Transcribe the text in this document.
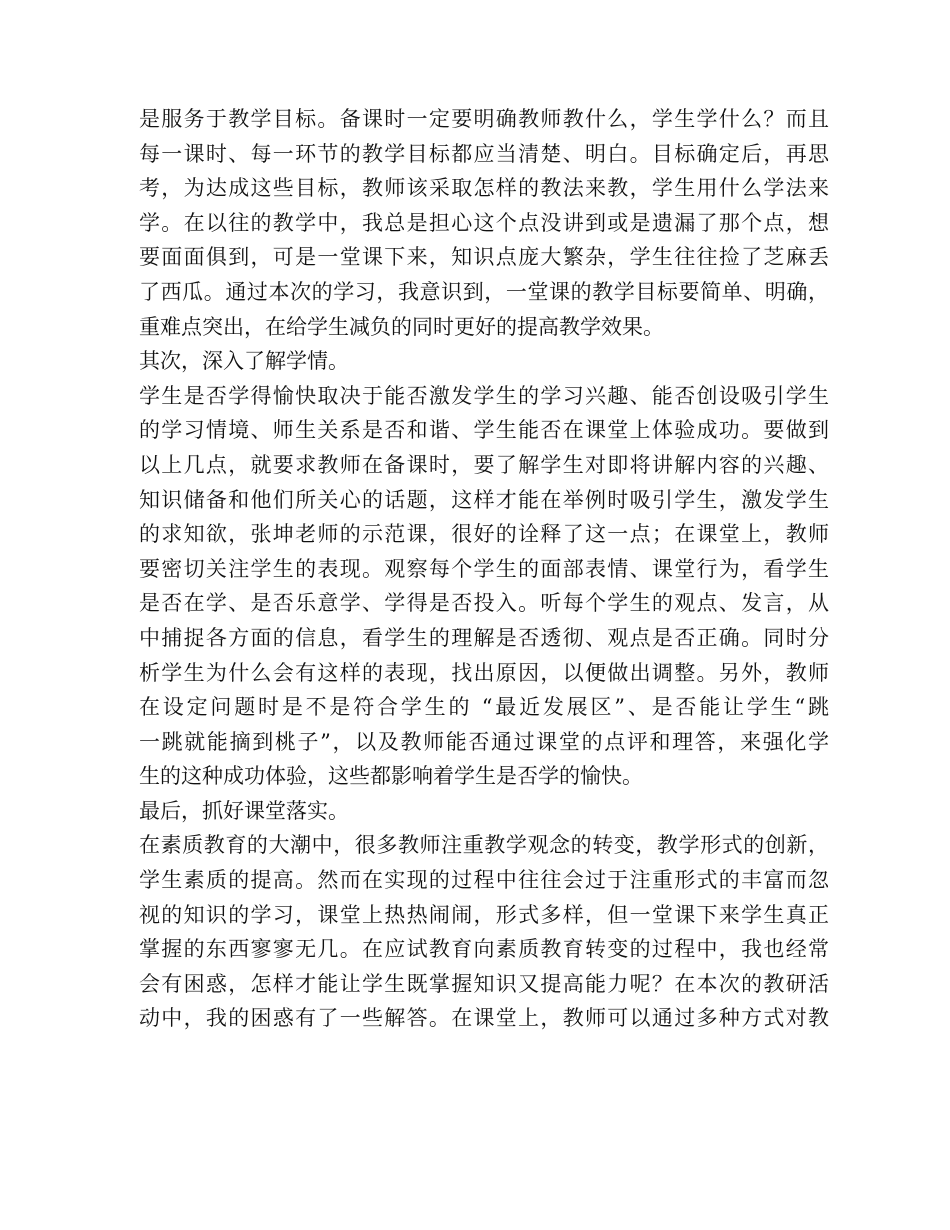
是服务于教学目标。备课时一定要明确教师教什么，学生学什么？而且
每一课时、每一环节的教学目标都应当清楚、明白。目标确定后，再思
考，为达成这些目标，教师该采取怎样的教法来教，学生用什么学法来
学。在以往的教学中，我总是担心这个点没讲到或是遗漏了那个点，想
要面面俱到，可是一堂课下来，知识点庞大繁杂，学生往往捡了芝麻丢
了西瓜。通过本次的学习，我意识到，一堂课的教学目标要简单、明确，
重难点突出，在给学生减负的同时更好的提高教学效果。
其次，深入了解学情。
学生是否学得愉快取决于能否激发学生的学习兴趣、能否创设吸引学生
的学习情境、师生关系是否和谐、学生能否在课堂上体验成功。要做到
以上几点，就要求教师在备课时，要了解学生对即将讲解内容的兴趣、
知识储备和他们所关心的话题，这样才能在举例时吸引学生，激发学生
的求知欲，张坤老师的示范课，很好的诠释了这一点；在课堂上，教师
要密切关注学生的表现。观察每个学生的面部表情、课堂行为，看学生
是否在学、是否乐意学、学得是否投入。听每个学生的观点、发言，从
中捕捉各方面的信息，看学生的理解是否透彻、观点是否正确。同时分
析学生为什么会有这样的表现，找出原因，以便做出调整。另外，教师
在设定问题时是不是符合学生的 “最近发展区”、是否能让学生“跳
一跳就能摘到桃子”，以及教师能否通过课堂的点评和理答，来强化学
生的这种成功体验，这些都影响着学生是否学的愉快。
最后，抓好课堂落实。
在素质教育的大潮中，很多教师注重教学观念的转变，教学形式的创新，
学生素质的提高。然而在实现的过程中往往会过于注重形式的丰富而忽
视的知识的学习，课堂上热热闹闹，形式多样，但一堂课下来学生真正
掌握的东西寥寥无几。在应试教育向素质教育转变的过程中，我也经常
会有困惑，怎样才能让学生既掌握知识又提高能力呢？在本次的教研活
动中，我的困惑有了一些解答。在课堂上，教师可以通过多种方式对教
